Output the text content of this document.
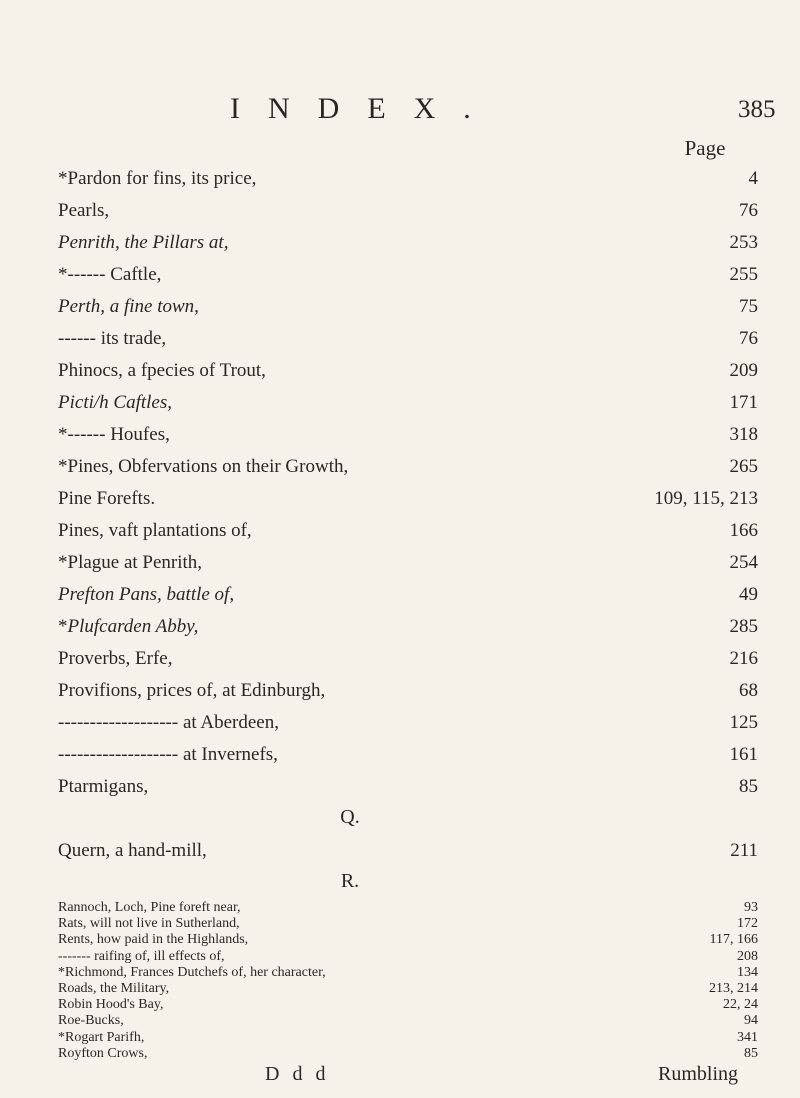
INDEX.	385
Page
*Pardon for fins, its price,	4
Pearls,	76
Penrith, the Pillars at,	253
*------ Caftle,	255
Perth, a fine town,	75
------ its trade,	76
Phinocs, a fpecies of Trout,	209
Picti/h Caftles,	171
*------ Houfes,	318
*Pines, Obfervations on their Growth,	265
Pine Forefts.	109, 115, 213
Pines, vaft plantations of,	166
*Plague at Penrith,	254
Prefton Pans, battle of,	49
*Plufcarden Abby,	285
Proverbs, Erfe,	216
Provifions, prices of, at Edinburgh,	68
------------------- at Aberdeen,	125
------------------- at Invernefs,	161
Ptarmigans,	85
Q.
Quern, a hand-mill,	211
R.
D d d	Rumbling
Rannoch, Loch, Pine foreft near,	93
Rats, will not live in Sutherland,	172
Rents, how paid in the Highlands,	117, 166
------- raifing of, ill effects of,	208
*Richmond, Frances Dutchefs of, her character,	134
Roads, the Military,	213, 214
Robin Hood's Bay,	22, 24
Roe-Bucks,	94
*Rogart Parifh,	341
Royfton Crows,	85
